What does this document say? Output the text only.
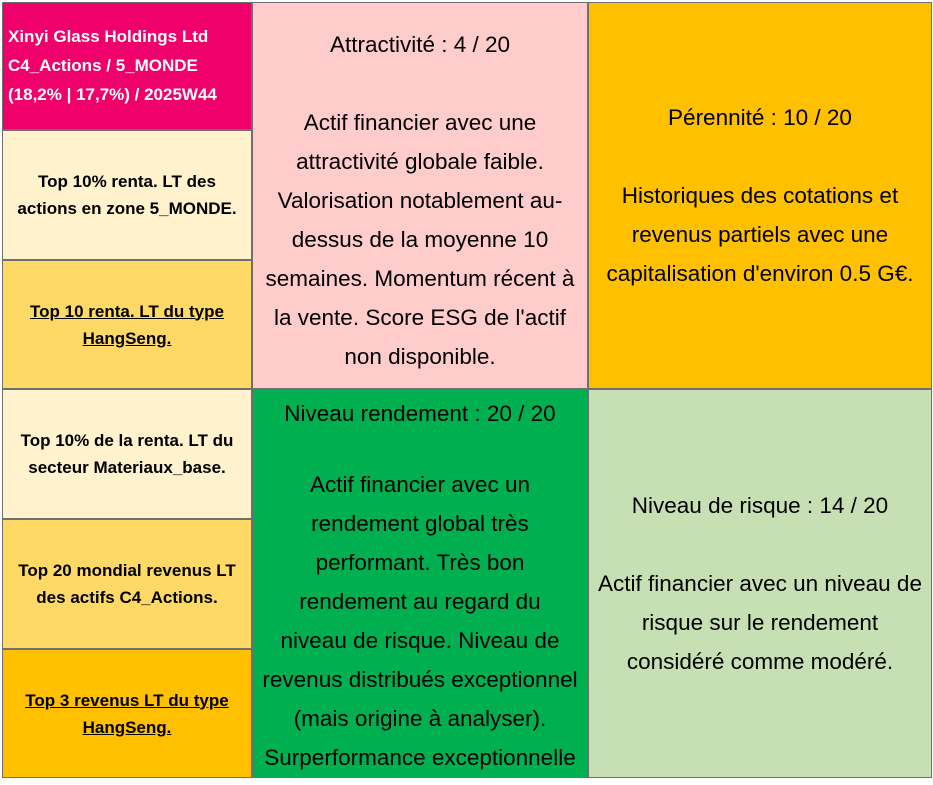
Xinyi Glass Holdings Ltd
C4_Actions / 5_MONDE
(18,2% | 17,7%) / 2025W44
Top 10% renta. LT des
actions en zone 5_MONDE.
Top 10 renta. LT du type
HangSeng.
Top 10% de la renta. LT du
secteur Materiaux_base.
Top 20 mondial revenus LT
des actifs C4_Actions.
Top 3 revenus LT du type
HangSeng.
Attractivité : 4 / 20
Actif financier avec une
attractivité globale faible.
Valorisation notablement au-
dessus de la moyenne 10
semaines. Momentum récent à
la vente. Score ESG de l'actif
non disponible.
Pérennité : 10 / 20
Historiques des cotations et
revenus partiels avec une
capitalisation d'environ 0.5 G€.
Niveau rendement : 20 / 20
Actif financier avec un
rendement global très
performant. Très bon
rendement au regard du
niveau de risque. Niveau de
revenus distribués exceptionnel
(mais origine à analyser).
Surperformance exceptionnelle
Niveau de risque : 14 / 20
Actif financier avec un niveau de
risque sur le rendement
considéré comme modéré.
